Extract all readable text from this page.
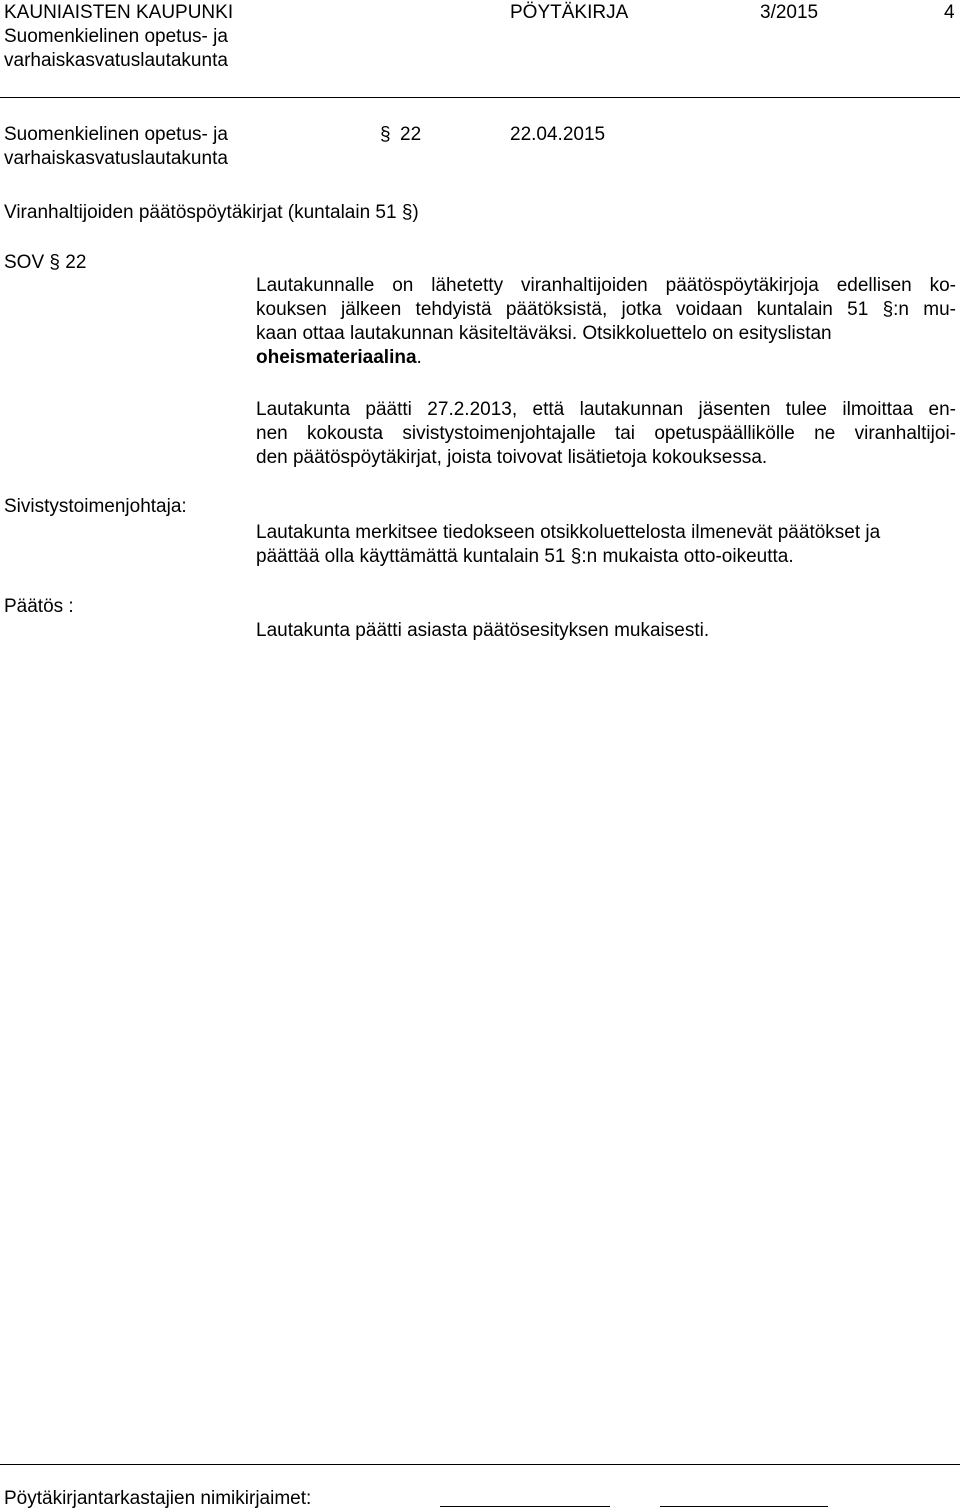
KAUNIAISTEN KAUPUNKI
Suomenkielinen opetus- ja
varhaiskasvatuslautakunta
PÖYTÄKIRJA	3/2015	4
Suomenkielinen opetus- ja
varhaiskasvatuslautakunta
§ 22	22.04.2015
Viranhaltijoiden päätöspöytäkirjat (kuntalain 51 §)
SOV § 22
Lautakunnalle on lähetetty viranhaltijoiden päätöspöytäkirjoja edellisen ko-
kouksen jälkeen tehdyistä päätöksistä, jotka voidaan kuntalain 51 §:n mu-
kaan ottaa lautakunnan käsiteltäväksi. Otsikkoluettelo on esityslistan
oheismateriaalina.
Lautakunta päätti 27.2.2013, että lautakunnan jäsenten tulee ilmoittaa en-
nen kokousta sivistystoimenjohtajalle tai opetuspäällikölle ne viranhaltijoi-
den päätöspöytäkirjat, joista toivovat lisätietoja kokouksessa.
Sivistystoimenjohtaja:
Lautakunta merkitsee tiedokseen otsikkoluettelosta ilmenevät päätökset ja
päättää olla käyttämättä kuntalain 51 §:n mukaista otto-oikeutta.
Päätös :
Lautakunta päätti asiasta päätösesityksen mukaisesti.
Pöytäkirjantarkastajien nimikirjaimet:
